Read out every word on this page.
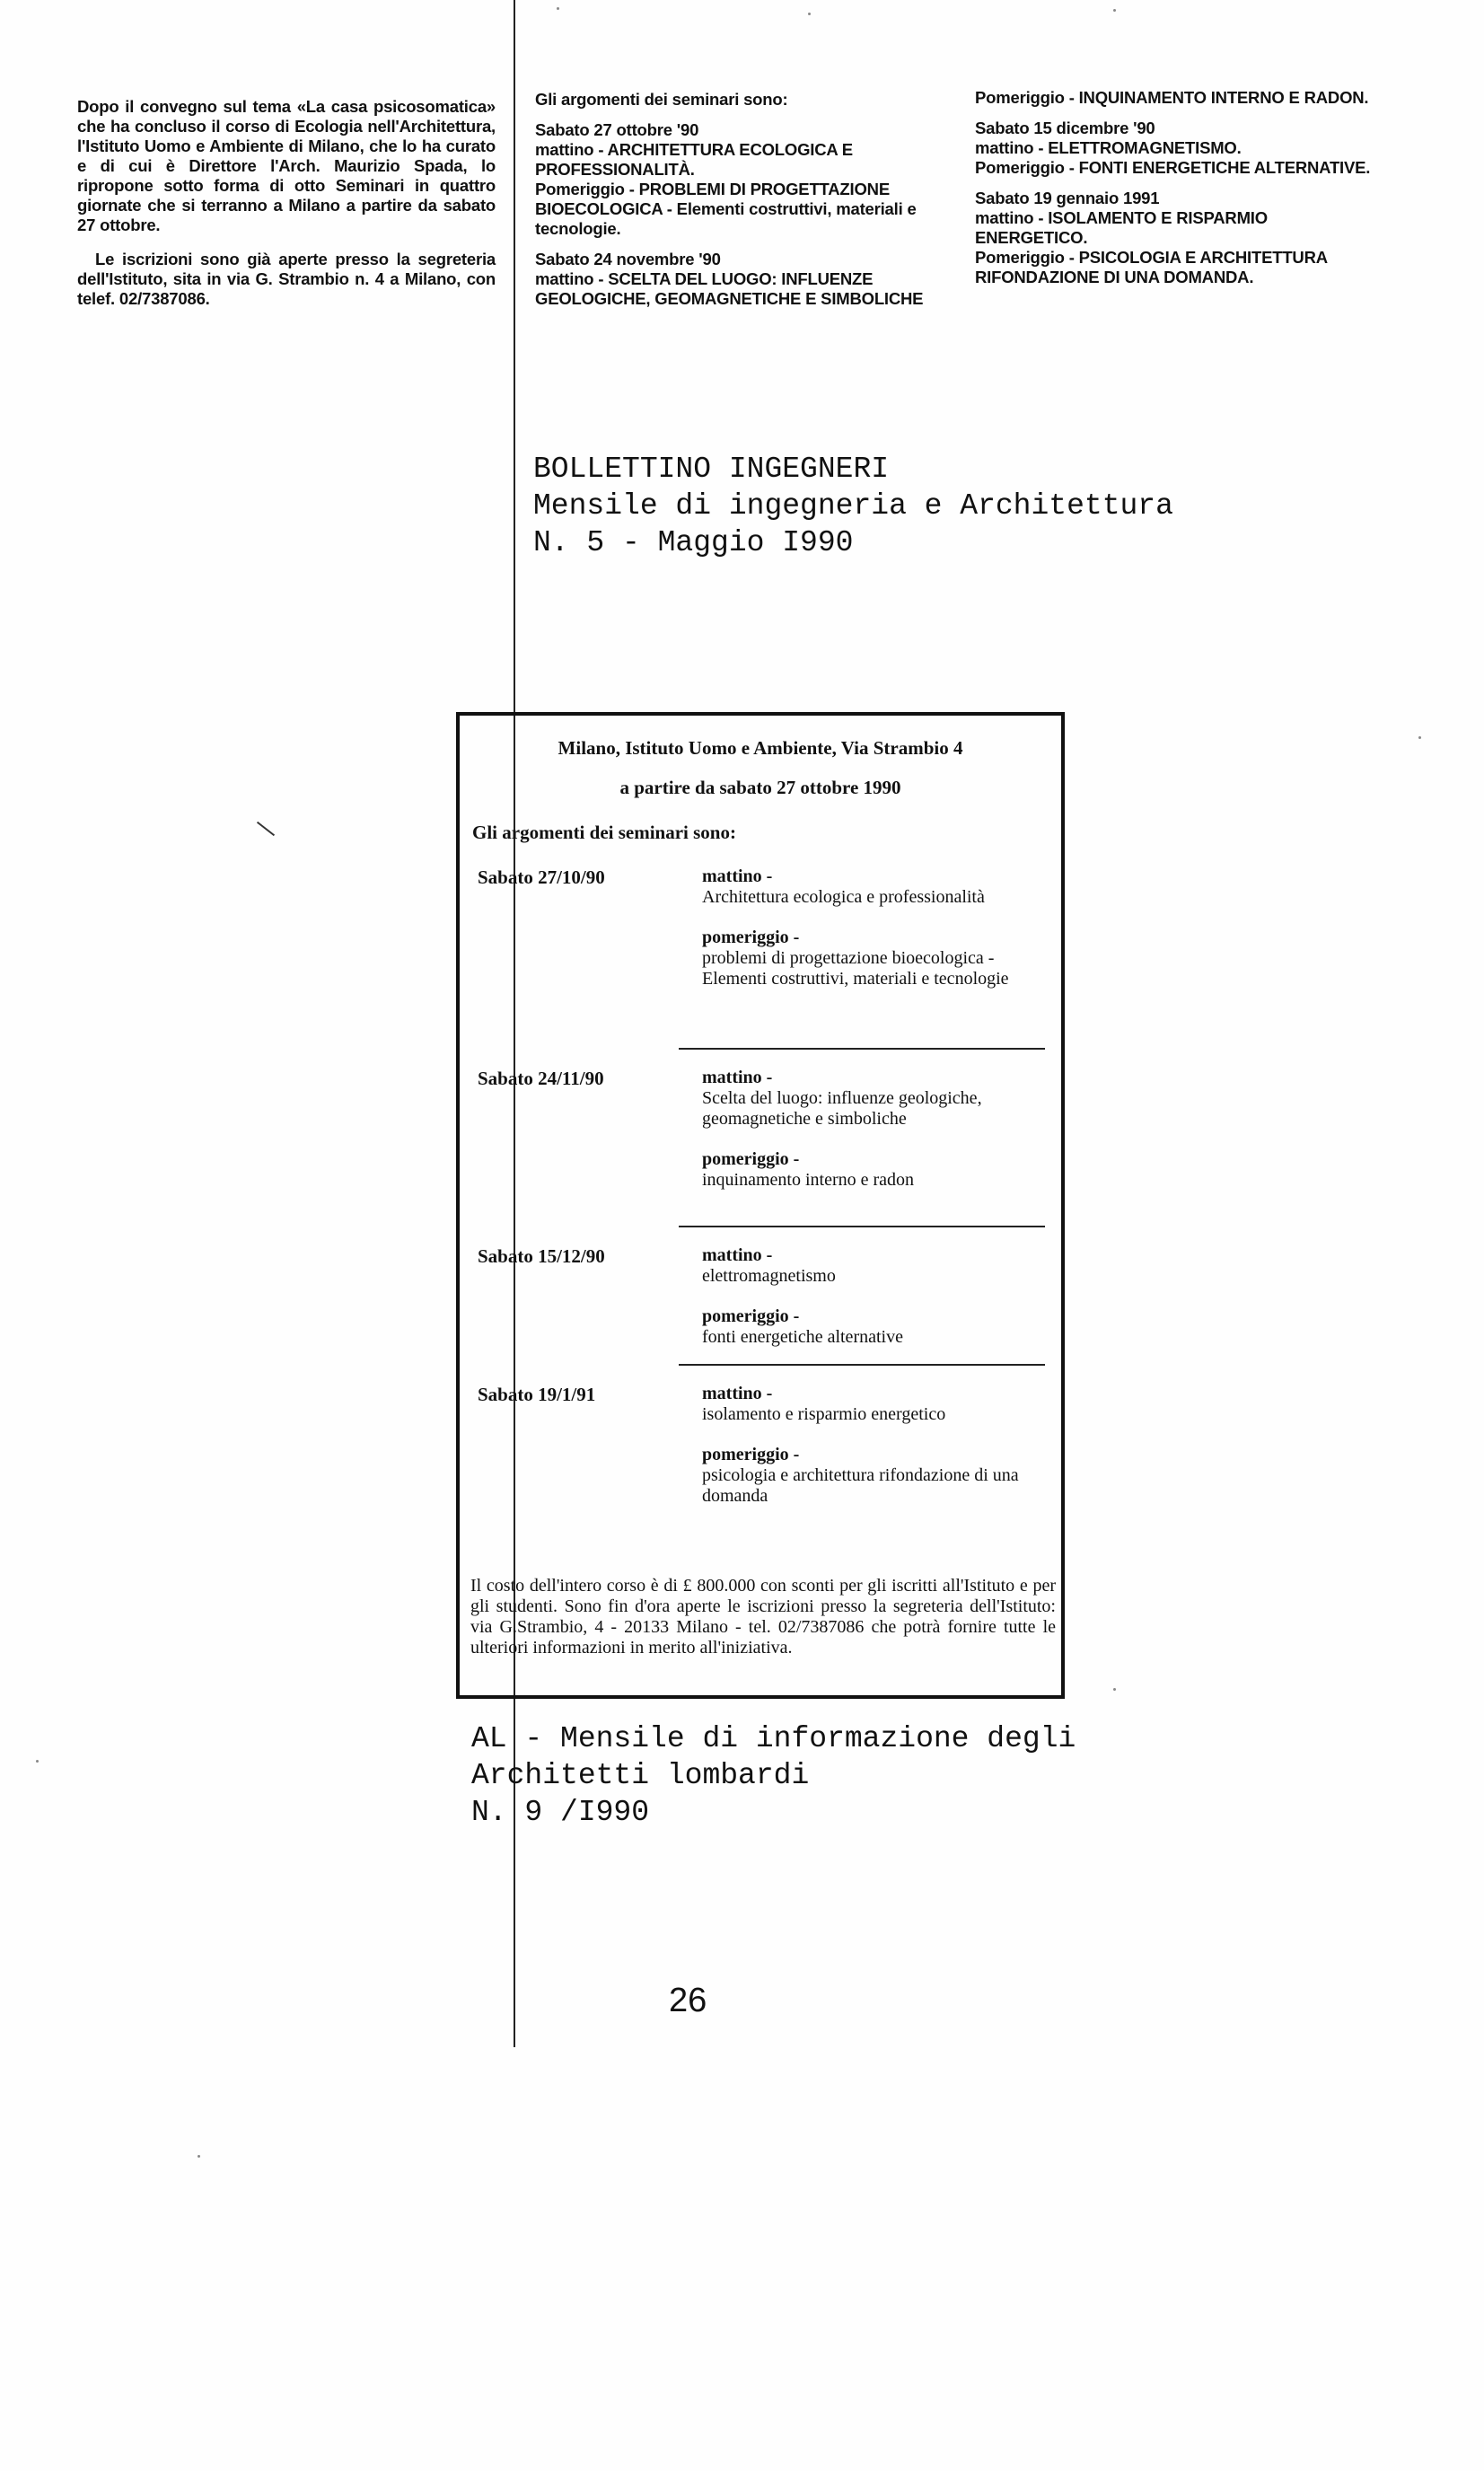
Dopo il convegno sul tema «La casa psicosomatica» che ha concluso il corso di Ecologia nell'Architettura, l'Istituto Uomo e Ambiente di Milano, che lo ha curato e di cui è Direttore l'Arch. Maurizio Spada, lo ripropone sotto forma di otto Seminari in quattro giornate che si terranno a Milano a partire da sabato 27 ottobre.

Le iscrizioni sono già aperte presso la segreteria dell'Istituto, sita in via G. Strambio n. 4 a Milano, con telef. 02/7387086.

Gli argomenti dei seminari sono:

Sabato 27 ottobre '90
mattino - ARCHITETTURA ECOLOGICA E PROFESSIONALITÀ.

Pomeriggio - PROBLEMI DI PROGETTAZIONE BIOECOLOGICA - Elementi costruttivi, materiali e tecnologie.

Sabato 24 novembre '90
mattino - SCELTA DEL LUOGO: INFLUENZE GEOLOGICHE, GEOMAGNETICHE E SIMBOLICHE

Pomeriggio - INQUINAMENTO INTERNO E RADON.

Sabato 15 dicembre '90
mattino - ELETTROMAGNETISMO.

Pomeriggio - FONTI ENERGETICHE ALTERNATIVE.

Sabato 19 gennaio 1991
mattino - ISOLAMENTO E RISPARMIO ENERGETICO.
Pomeriggio - PSICOLOGIA E ARCHITETTURA RIFONDAZIONE DI UNA DOMANDA.
BOLLETTINO INGEGNERI
Mensile di ingegneria e Architettura
N. 5 - Maggio I990
Milano, Istituto Uomo e Ambiente, Via Strambio 4
a partire da sabato 27 ottobre 1990
Gli argomenti dei seminari sono:
Sabato 27/10/90	mattino -
Architettura ecologica e professionalità
pomeriggio -
problemi di progettazione bioecologica - Elementi costruttivi, materiali e tecnologie
Sabato 24/11/90	mattino -
Scelta del luogo: influenze geologiche, geomagnetiche e simboliche
pomeriggio -
inquinamento interno e radon
Sabato 15/12/90	mattino -
elettromagnetismo
pomeriggio -
fonti energetiche alternative
Sabato 19/1/91	mattino -
isolamento e risparmio energetico
pomeriggio -
psicologia e architettura rifondazione di una domanda
Il costo dell'intero corso è di £ 800.000 con sconti per gli iscritti all'Istituto e per gli studenti. Sono fin d'ora aperte le iscrizioni presso la segreteria dell'Istituto: via G.Strambio, 4 - 20133 Milano - tel. 02/7387086 che potrà fornire tutte le ulteriori informazioni in merito all'iniziativa.
AL - Mensile di informazione degli
Architetti lombardi
N. 9 /I990
26
